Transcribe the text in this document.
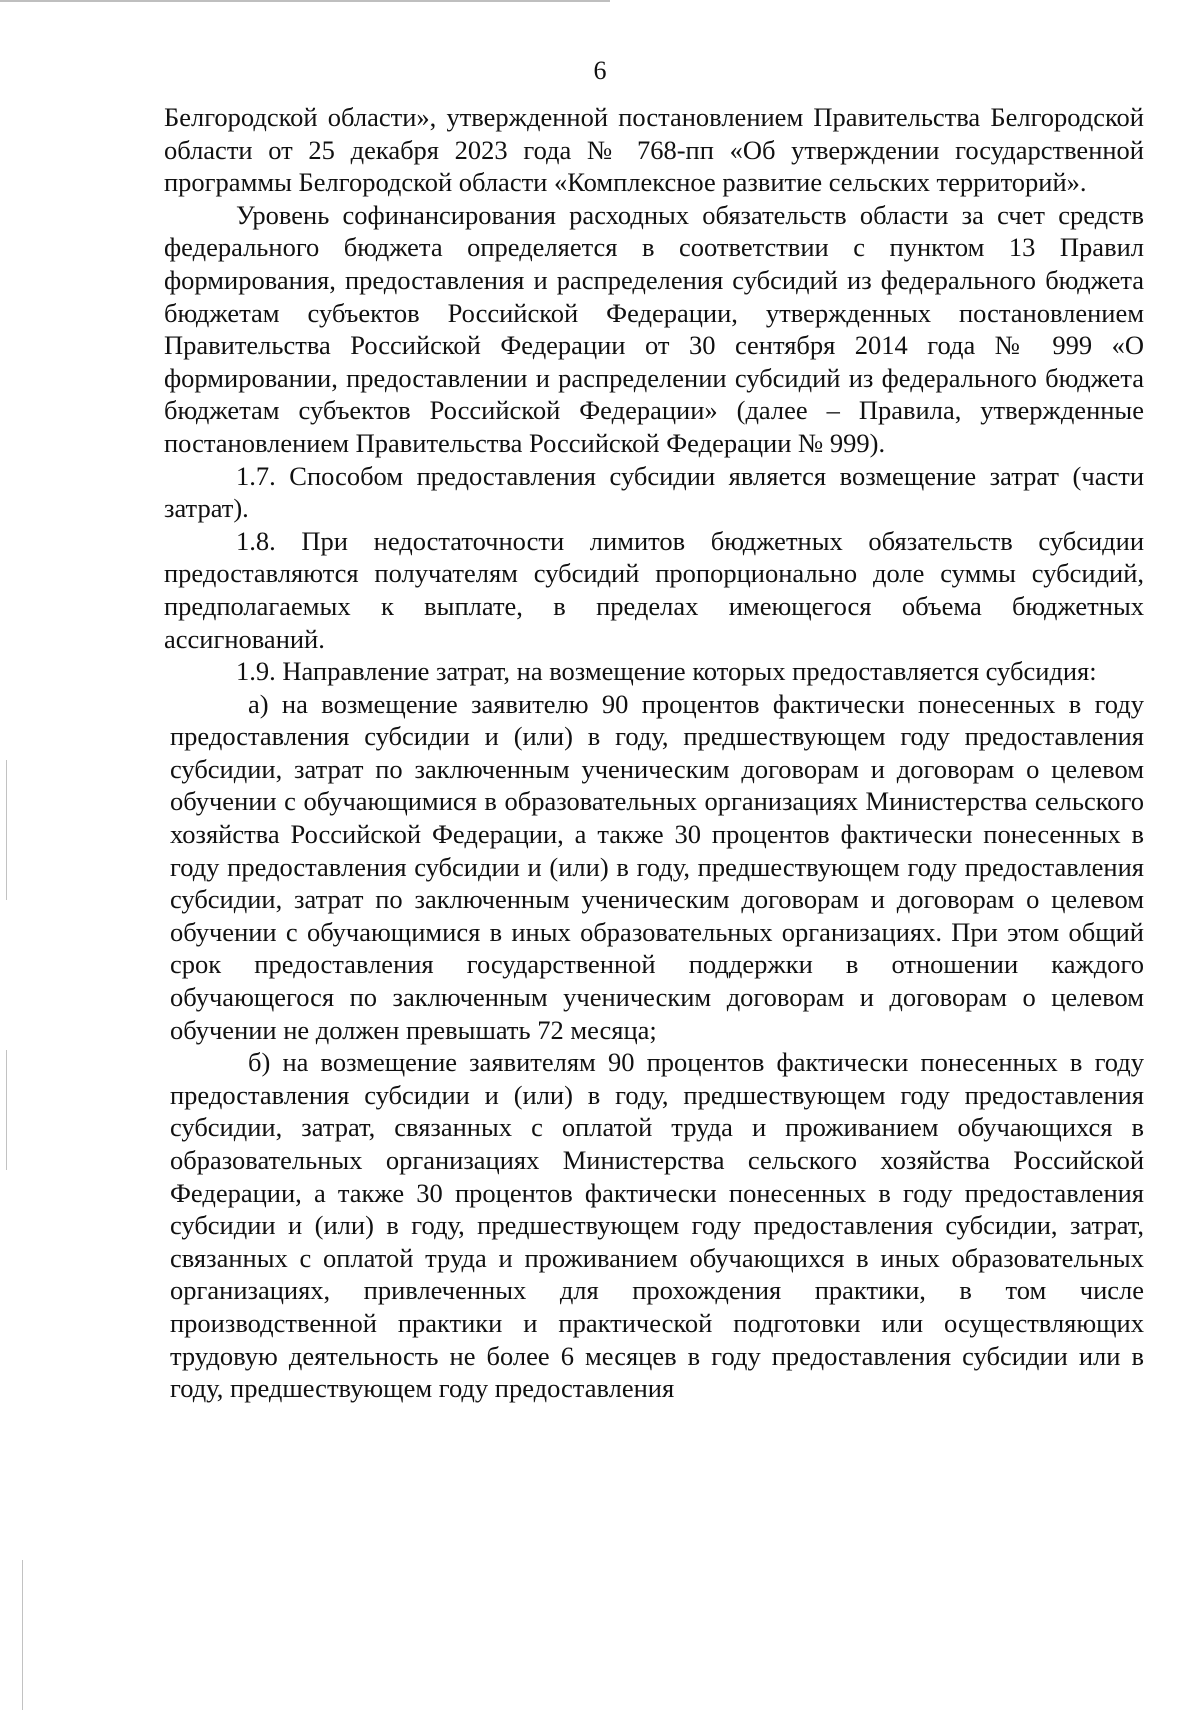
6

Белгородской области», утвержденной постановлением Правительства Белгородской области от 25 декабря 2023 года № 768-пп «Об утверждении государственной программы Белгородской области «Комплексное развитие сельских территорий».

Уровень софинансирования расходных обязательств области за счет средств федерального бюджета определяется в соответствии с пунктом 13 Правил формирования, предоставления и распределения субсидий из федерального бюджета бюджетам субъектов Российской Федерации, утвержденных постановлением Правительства Российской Федерации от 30 сентября 2014 года № 999 «О формировании, предоставлении и распределении субсидий из федерального бюджета бюджетам субъектов Российской Федерации» (далее – Правила, утвержденные постановлением Правительства Российской Федерации № 999).

1.7. Способом предоставления субсидии является возмещение затрат (части затрат).

1.8. При недостаточности лимитов бюджетных обязательств субсидии предоставляются получателям субсидий пропорционально доле суммы субсидий, предполагаемых к выплате, в пределах имеющегося объема бюджетных ассигнований.

1.9. Направление затрат, на возмещение которых предоставляется субсидия:

а) на возмещение заявителю 90 процентов фактически понесенных в году предоставления субсидии и (или) в году, предшествующем году предоставления субсидии, затрат по заключенным ученическим договорам и договорам о целевом обучении с обучающимися в образовательных организациях Министерства сельского хозяйства Российской Федерации, а также 30 процентов фактически понесенных в году предоставления субсидии и (или) в году, предшествующем году предоставления субсидии, затрат по заключенным ученическим договорам и договорам о целевом обучении с обучающимися в иных образовательных организациях. При этом общий срок предоставления государственной поддержки в отношении каждого обучающегося по заключенным ученическим договорам и договорам о целевом обучении не должен превышать 72 месяца;

б) на возмещение заявителям 90 процентов фактически понесенных в году предоставления субсидии и (или) в году, предшествующем году предоставления субсидии, затрат, связанных с оплатой труда и проживанием обучающихся в образовательных организациях Министерства сельского хозяйства Российской Федерации, а также 30 процентов фактически понесенных в году предоставления субсидии и (или) в году, предшествующем году предоставления субсидии, затрат, связанных с оплатой труда и проживанием обучающихся в иных образовательных организациях, привлеченных для прохождения практики, в том числе производственной практики и практической подготовки или осуществляющих трудовую деятельность не более 6 месяцев в году предоставления субсидии или в году, предшествующем году предоставления
